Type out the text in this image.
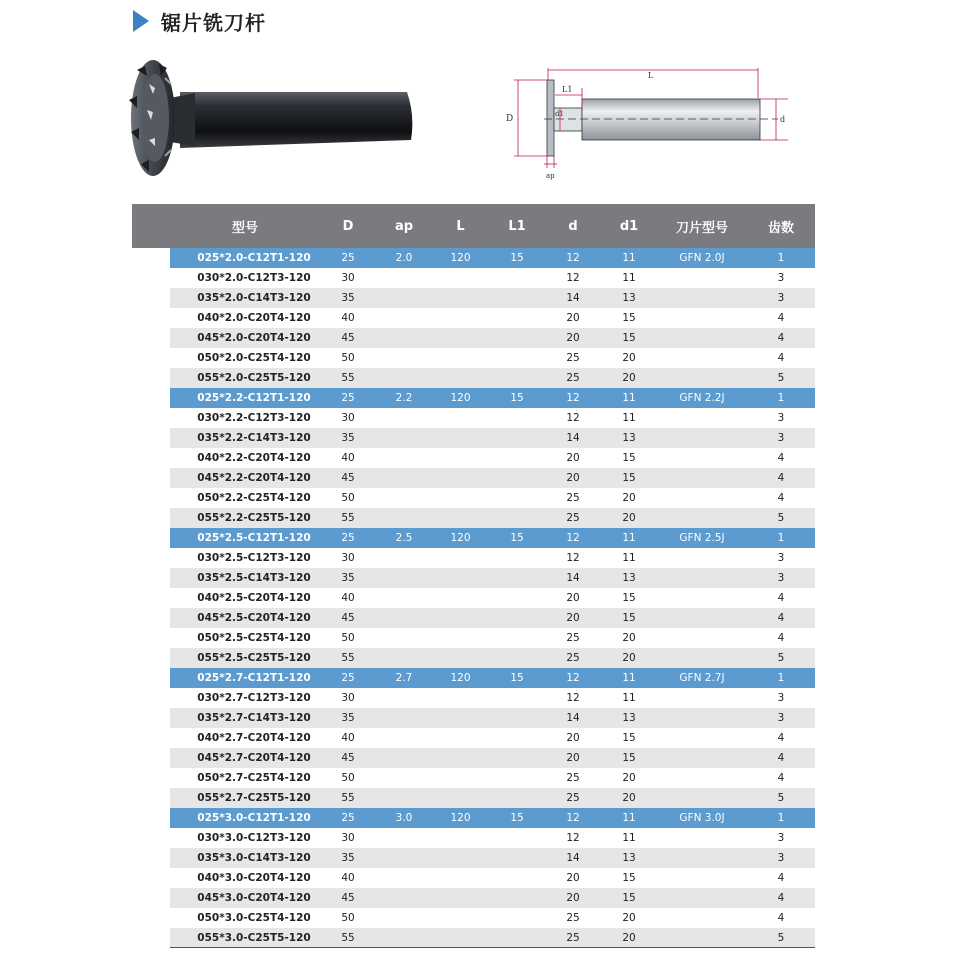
锯片铣刀杆
L
L1
D	d1
d
ap
	型号	D	ap	L	L1	d	d1	刀片型号	齿数
JP	025*2.0-C12T1-120	25	2.0	120	15	12	11	GFN 2.0J	1
	030*2.0-C12T3-120	30				12	11		3
	035*2.0-C14T3-120	35				14	13		3
	040*2.0-C20T4-120	40				20	15		4
	045*2.0-C20T4-120	45				20	15		4
	050*2.0-C25T4-120	50				25	20		4
	055*2.0-C25T5-120	55				25	20		5
	025*2.2-C12T1-120	25	2.2	120	15	12	11	GFN 2.2J	1
	030*2.2-C12T3-120	30				12	11		3
	035*2.2-C14T3-120	35				14	13		3
	040*2.2-C20T4-120	40				20	15		4
	045*2.2-C20T4-120	45				20	15		4
	050*2.2-C25T4-120	50				25	20		4
	055*2.2-C25T5-120	55				25	20		5
	025*2.5-C12T1-120	25	2.5	120	15	12	11	GFN 2.5J	1
	030*2.5-C12T3-120	30				12	11		3
	035*2.5-C14T3-120	35				14	13		3
	040*2.5-C20T4-120	40				20	15		4
	045*2.5-C20T4-120	45				20	15		4
	050*2.5-C25T4-120	50				25	20		4
	055*2.5-C25T5-120	55				25	20		5
	025*2.7-C12T1-120	25	2.7	120	15	12	11	GFN 2.7J	1
	030*2.7-C12T3-120	30				12	11		3
	035*2.7-C14T3-120	35				14	13		3
	040*2.7-C20T4-120	40				20	15		4
	045*2.7-C20T4-120	45				20	15		4
	050*2.7-C25T4-120	50				25	20		4
	055*2.7-C25T5-120	55				25	20		5
	025*3.0-C12T1-120	25	3.0	120	15	12	11	GFN 3.0J	1
	030*3.0-C12T3-120	30				12	11		3
	035*3.0-C14T3-120	35				14	13		3
	040*3.0-C20T4-120	40				20	15		4
	045*3.0-C20T4-120	45				20	15		4
	050*3.0-C25T4-120	50				25	20		4
	055*3.0-C25T5-120	55				25	20		5
